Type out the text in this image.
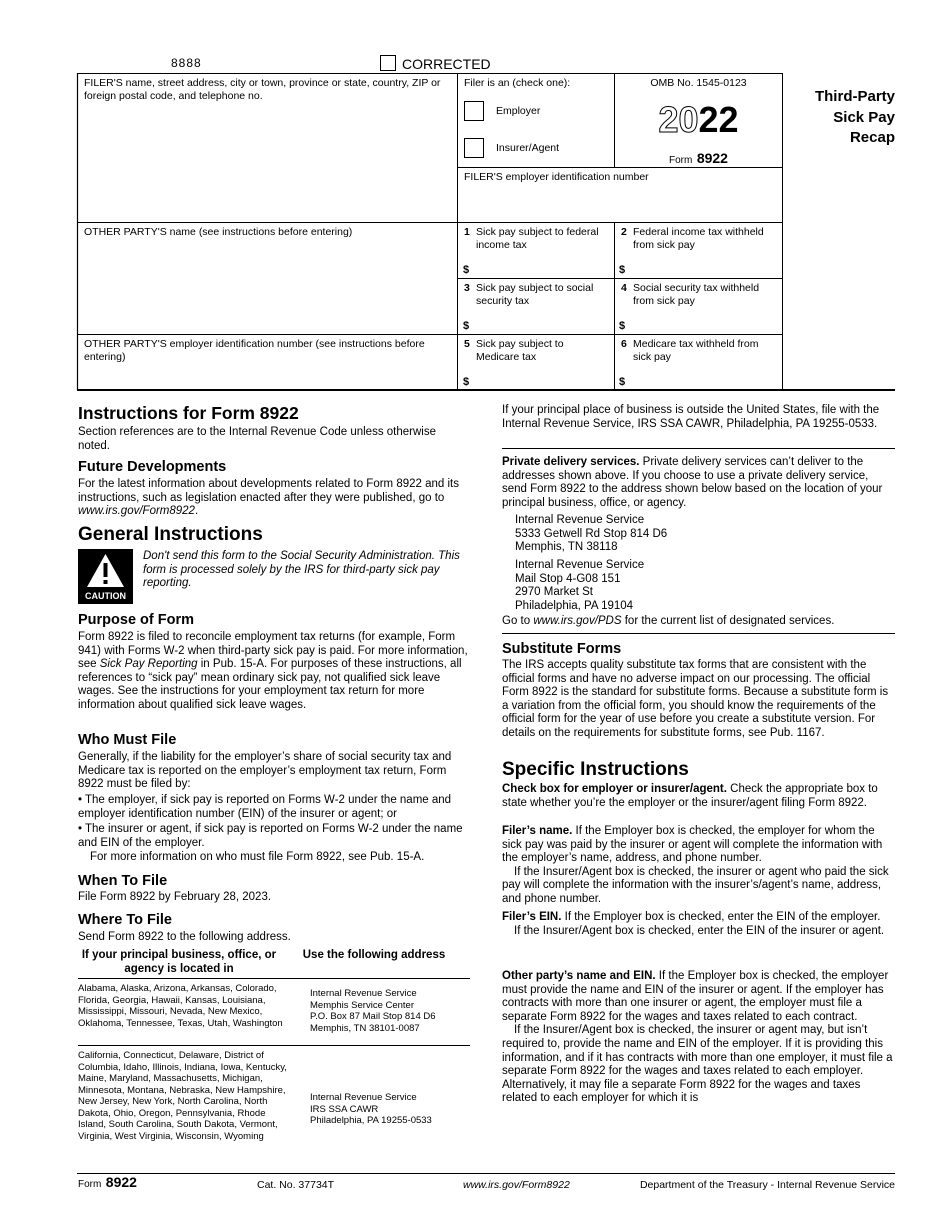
8888	CORRECTED
FILER'S name, street address, city or town, province or state, country, ZIP or foreign postal code, and telephone no.
Filer is an (check one):
Employer
Insurer/Agent
OMB No. 1545-0123
2022
Form 8922
Third-Party Sick Pay Recap
FILER'S employer identification number
OTHER PARTY'S name (see instructions before entering)
OTHER PARTY'S employer identification number (see instructions before entering)
1 Sick pay subject to federal income tax
$
2 Federal income tax withheld from sick pay
$
3 Sick pay subject to social security tax
$
4 Social security tax withheld from sick pay
$
5 Sick pay subject to Medicare tax
$
6 Medicare tax withheld from sick pay
$
Instructions for Form 8922
Section references are to the Internal Revenue Code unless otherwise noted.
Future Developments
For the latest information about developments related to Form 8922 and its instructions, such as legislation enacted after they were published, go to www.irs.gov/Form8922.
General Instructions
CAUTION
Don't send this form to the Social Security Administration. This form is processed solely by the IRS for third-party sick pay reporting.
Purpose of Form
Form 8922 is filed to reconcile employment tax returns (for example, Form 941) with Forms W-2 when third-party sick pay is paid. For more information, see Sick Pay Reporting in Pub. 15-A. For purposes of these instructions, all references to “sick pay” mean ordinary sick pay, not qualified sick leave wages. See the instructions for your employment tax return for more information about qualified sick leave wages.
Who Must File
Generally, if the liability for the employer’s share of social security tax and Medicare tax is reported on the employer’s employment tax return, Form 8922 must be filed by:
• The employer, if sick pay is reported on Forms W-2 under the name and employer identification number (EIN) of the insurer or agent; or
• The insurer or agent, if sick pay is reported on Forms W-2 under the name and EIN of the employer.
For more information on who must file Form 8922, see Pub. 15-A.
When To File
File Form 8922 by February 28, 2023.
Where To File
Send Form 8922 to the following address.
If your principal business, office, or agency is located in
Use the following address
Alabama, Alaska, Arizona, Arkansas, Colorado, Florida, Georgia, Hawaii, Kansas, Louisiana, Mississippi, Missouri, Nevada, New Mexico, Oklahoma, Tennessee, Texas, Utah, Washington
Internal Revenue Service
Memphis Service Center
P.O. Box 87 Mail Stop 814 D6
Memphis, TN 38101-0087
California, Connecticut, Delaware, District of Columbia, Idaho, Illinois, Indiana, Iowa, Kentucky, Maine, Maryland, Massachusetts, Michigan, Minnesota, Montana, Nebraska, New Hampshire, New Jersey, New York, North Carolina, North Dakota, Ohio, Oregon, Pennsylvania, Rhode Island, South Carolina, South Dakota, Vermont, Virginia, West Virginia, Wisconsin, Wyoming
Internal Revenue Service
IRS SSA CAWR
Philadelphia, PA 19255-0533
If your principal place of business is outside the United States, file with the Internal Revenue Service, IRS SSA CAWR, Philadelphia, PA 19255-0533.
Private delivery services. Private delivery services can’t deliver to the addresses shown above. If you choose to use a private delivery service, send Form 8922 to the address shown below based on the location of your principal business, office, or agency.
Internal Revenue Service
5333 Getwell Rd Stop 814 D6
Memphis, TN 38118
Internal Revenue Service
Mail Stop 4-G08 151
2970 Market St
Philadelphia, PA 19104
Go to www.irs.gov/PDS for the current list of designated services.
Substitute Forms
The IRS accepts quality substitute tax forms that are consistent with the official forms and have no adverse impact on our processing. The official Form 8922 is the standard for substitute forms. Because a substitute form is a variation from the official form, you should know the requirements of the official form for the year of use before you create a substitute version. For details on the requirements for substitute forms, see Pub. 1167.
Specific Instructions
Check box for employer or insurer/agent. Check the appropriate box to state whether you’re the employer or the insurer/agent filing Form 8922.
Filer’s name. If the Employer box is checked, the employer for whom the sick pay was paid by the insurer or agent will complete the information with the employer’s name, address, and phone number.

If the Insurer/Agent box is checked, the insurer or agent who paid the sick pay will complete the information with the insurer’s/agent’s name, address, and phone number.

Filer’s EIN. If the Employer box is checked, enter the EIN of the employer.

If the Insurer/Agent box is checked, enter the EIN of the insurer or agent.

Other party’s name and EIN. If the Employer box is checked, the employer must provide the name and EIN of the insurer or agent. If the employer has contracts with more than one insurer or agent, the employer must file a separate Form 8922 for the wages and taxes related to each contract.

If the Insurer/Agent box is checked, the insurer or agent may, but isn’t required to, provide the name and EIN of the employer. If it is providing this information, and if it has contracts with more than one employer, it must file a separate Form 8922 for the wages and taxes related to each employer. Alternatively, it may file a separate Form 8922 for the wages and taxes related to each employer for which it is

Form 8922	Cat. No. 37734T	www.irs.gov/Form8922	Department of the Treasury - Internal Revenue Service
